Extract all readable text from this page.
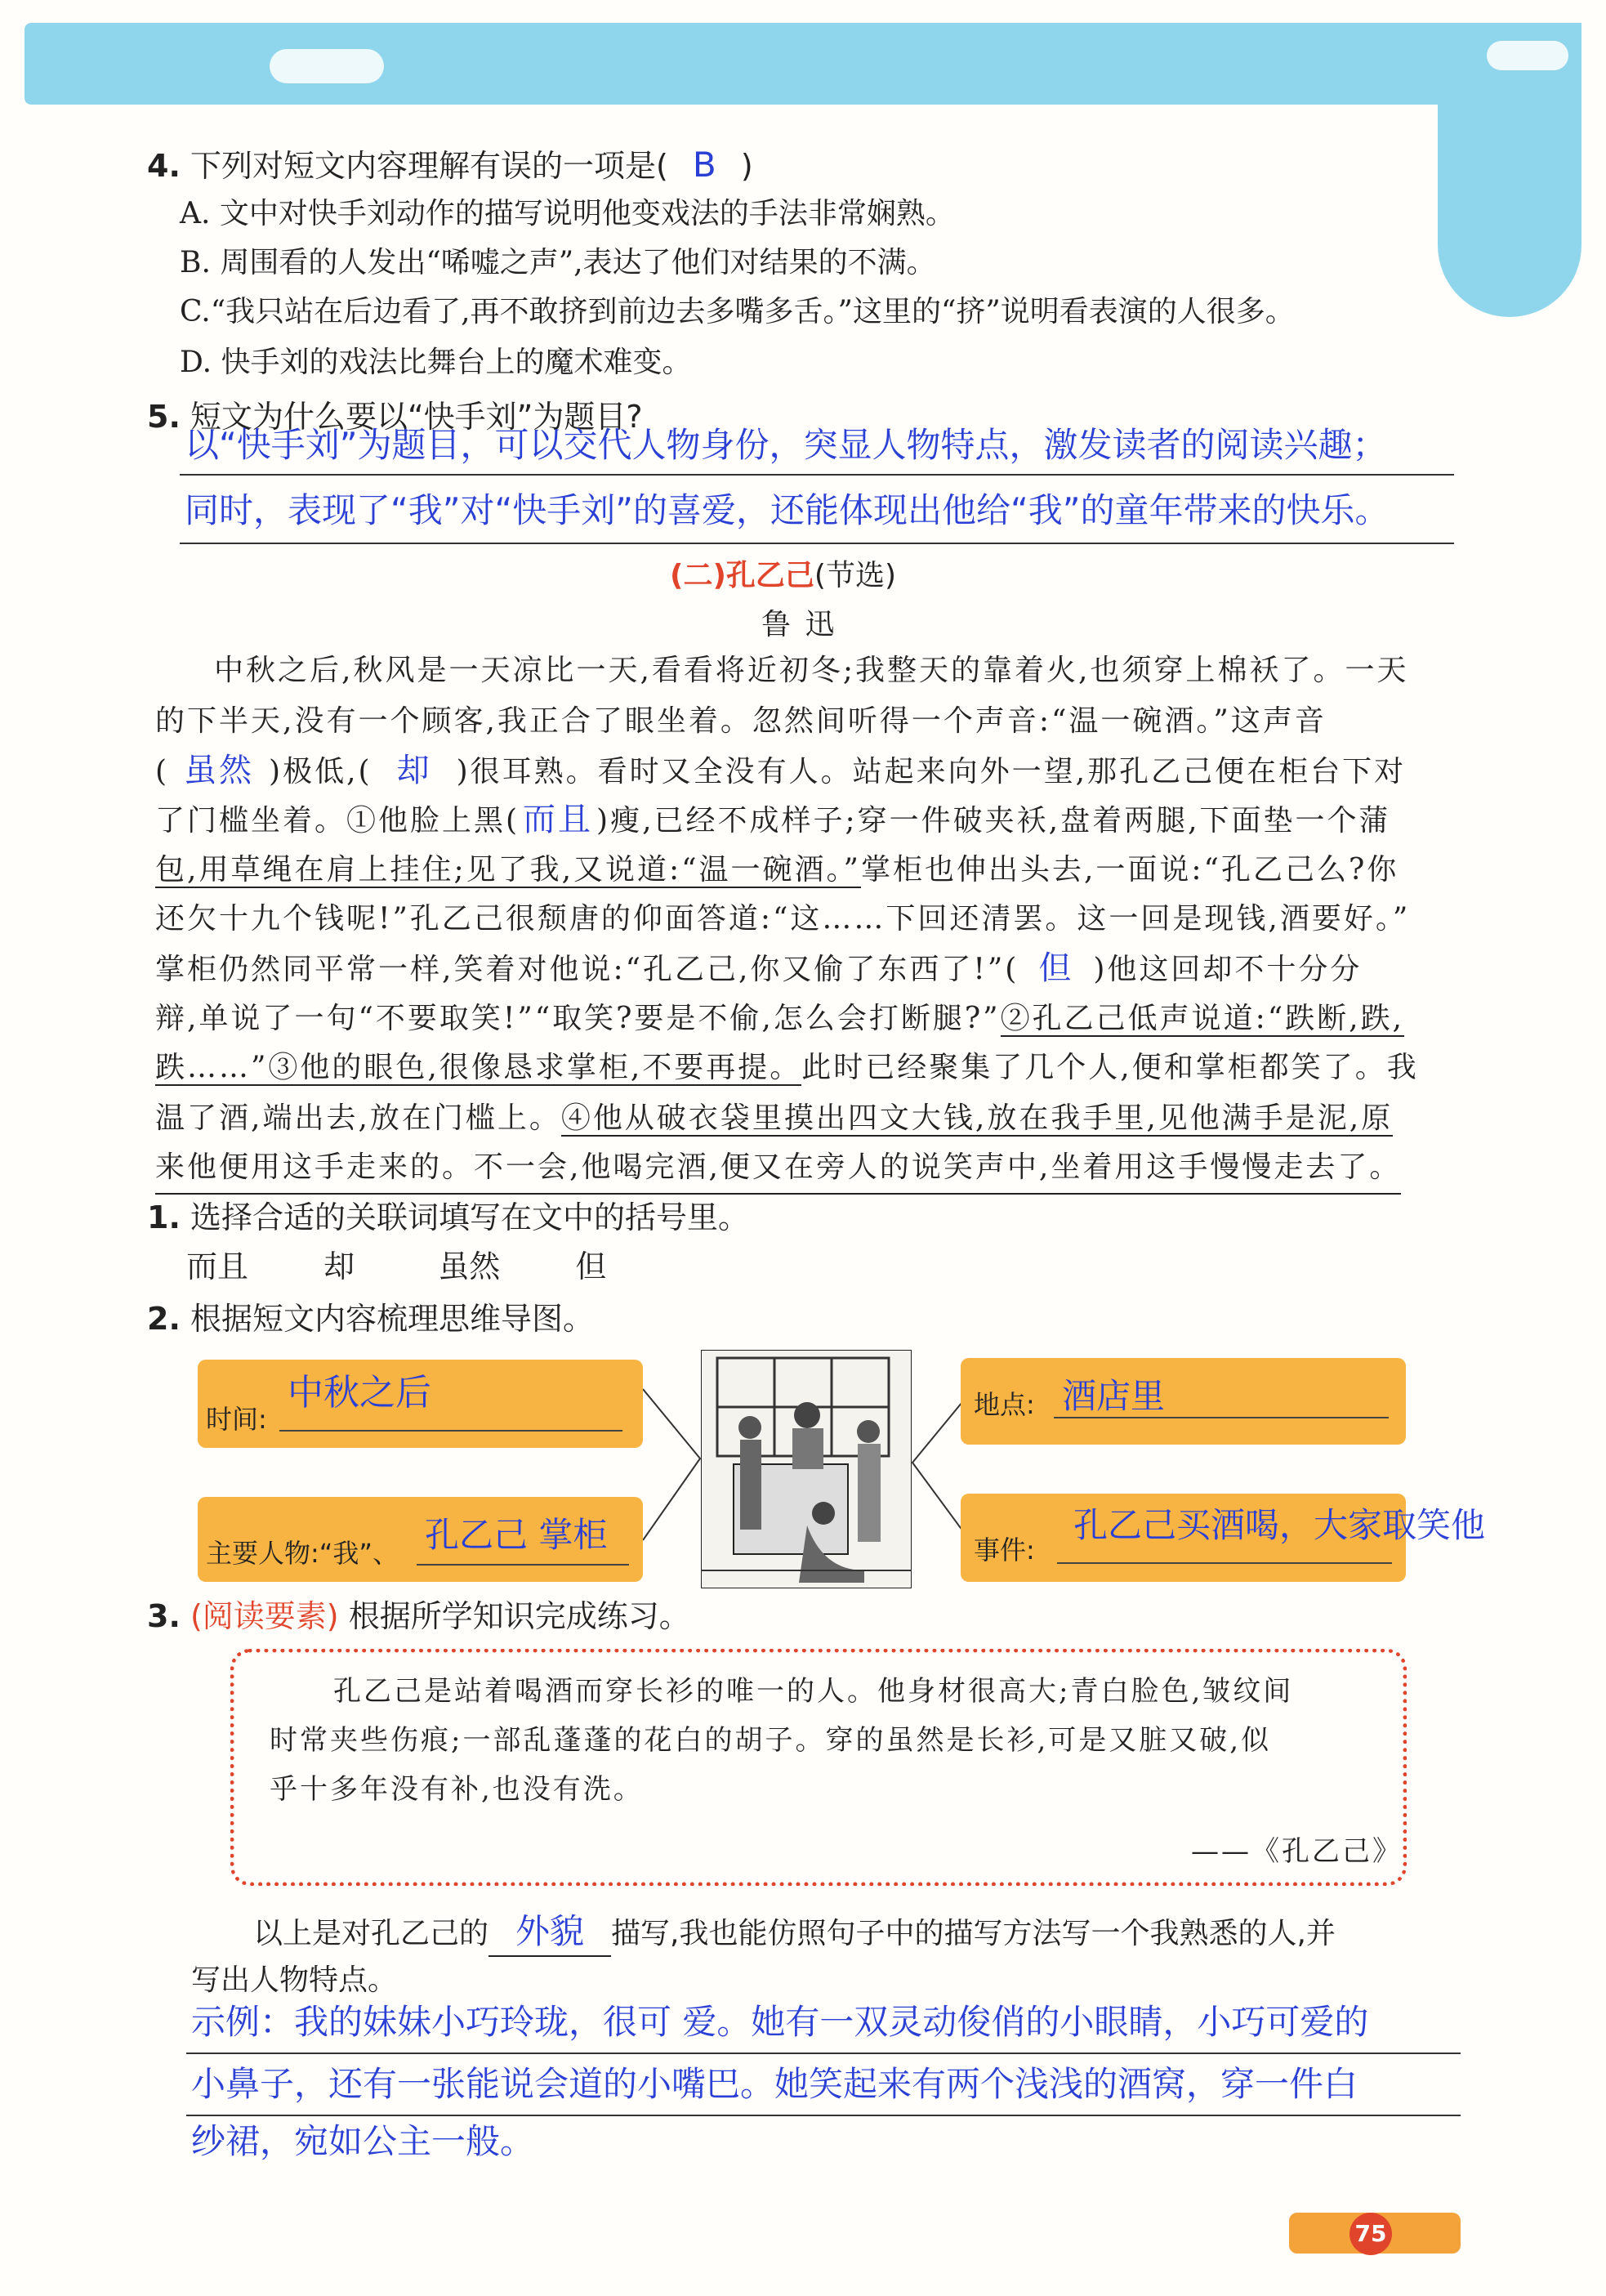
4. 下列对短文内容理解有误的一项是( B )
A. 文中对快手刘动作的描写说明他变戏法的手法非常娴熟。
B. 周围看的人发出“唏嘘之声”,表达了他们对结果的不满。
C.“我只站在后边看了,再不敢挤到前边去多嘴多舌。”这里的“挤”说明看表演的人很多。
D. 快手刘的戏法比舞台上的魔术难变。
5. 短文为什么要以“快手刘”为题目?
以“快手刘”为题目，可以交代人物身份，突显人物特点，激发读者的阅读兴趣；
同时，表现了“我”对“快手刘”的喜爱，还能体现出他给“我”的童年带来的快乐。
(二)孔乙己(节选)
鲁 迅
中秋之后,秋风是一天凉比一天,看看将近初冬;我整天的靠着火,也须穿上棉袄了。一天
的下半天,没有一个顾客,我正合了眼坐着。忽然间听得一个声音:“温一碗酒。”这声音
( 虽然 )极低,( 却 )很耳熟。看时又全没有人。站起来向外一望,那孔乙己便在柜台下对
了门槛坐着。①他脸上黑( 而且 )瘦,已经不成样子;穿一件破夹袄,盘着两腿,下面垫一个蒲
包,用草绳在肩上挂住;见了我,又说道:“温一碗酒。”掌柜也伸出头去,一面说:“孔乙己么?你
还欠十九个钱呢!”孔乙己很颓唐的仰面答道:“这……下回还清罢。这一回是现钱,酒要好。”
掌柜仍然同平常一样,笑着对他说:“孔乙己,你又偷了东西了!”( 但 )他这回却不十分分
辩,单说了一句“不要取笑!”“取笑?要是不偷,怎么会打断腿?”②孔乙己低声说道:“跌断,跌,
跌……”③他的眼色,很像恳求掌柜,不要再提。此时已经聚集了几个人,便和掌柜都笑了。我
温了酒,端出去,放在门槛上。④他从破衣袋里摸出四文大钱,放在我手里,见他满手是泥,原
来他便用这手走来的。不一会,他喝完酒,便又在旁人的说笑声中,坐着用这手慢慢走去了。
1. 选择合适的关联词填写在文中的括号里。
而且 却	虽然 但
2. 根据短文内容梳理思维导图。
时间:
中秋之后
主要人物:“我”、 孔乙己 掌柜
地点: 酒店里
事件:
孔乙己买酒喝，大家取笑他
3. (阅读要素) 根据所学知识完成练习。
孔乙己是站着喝酒而穿长衫的唯一的人。他身材很高大;青白脸色,皱纹间
时常夹些伤痕;一部乱蓬蓬的花白的胡子。穿的虽然是长衫,可是又脏又破,似
乎十多年没有补,也没有洗。
——《孔乙己》
以上是对孔乙己的 外貌 描写,我也能仿照句子中的描写方法写一个我熟悉的人,并
写出人物特点。
示例：我的妹妹小巧玲珑，很可 爱。她有一双灵动俊俏的小眼睛，小巧可爱的
小鼻子，还有一张能说会道的小嘴巴。她笑起来有两个浅浅的酒窝，穿一件白
纱裙，宛如公主一般。
75
